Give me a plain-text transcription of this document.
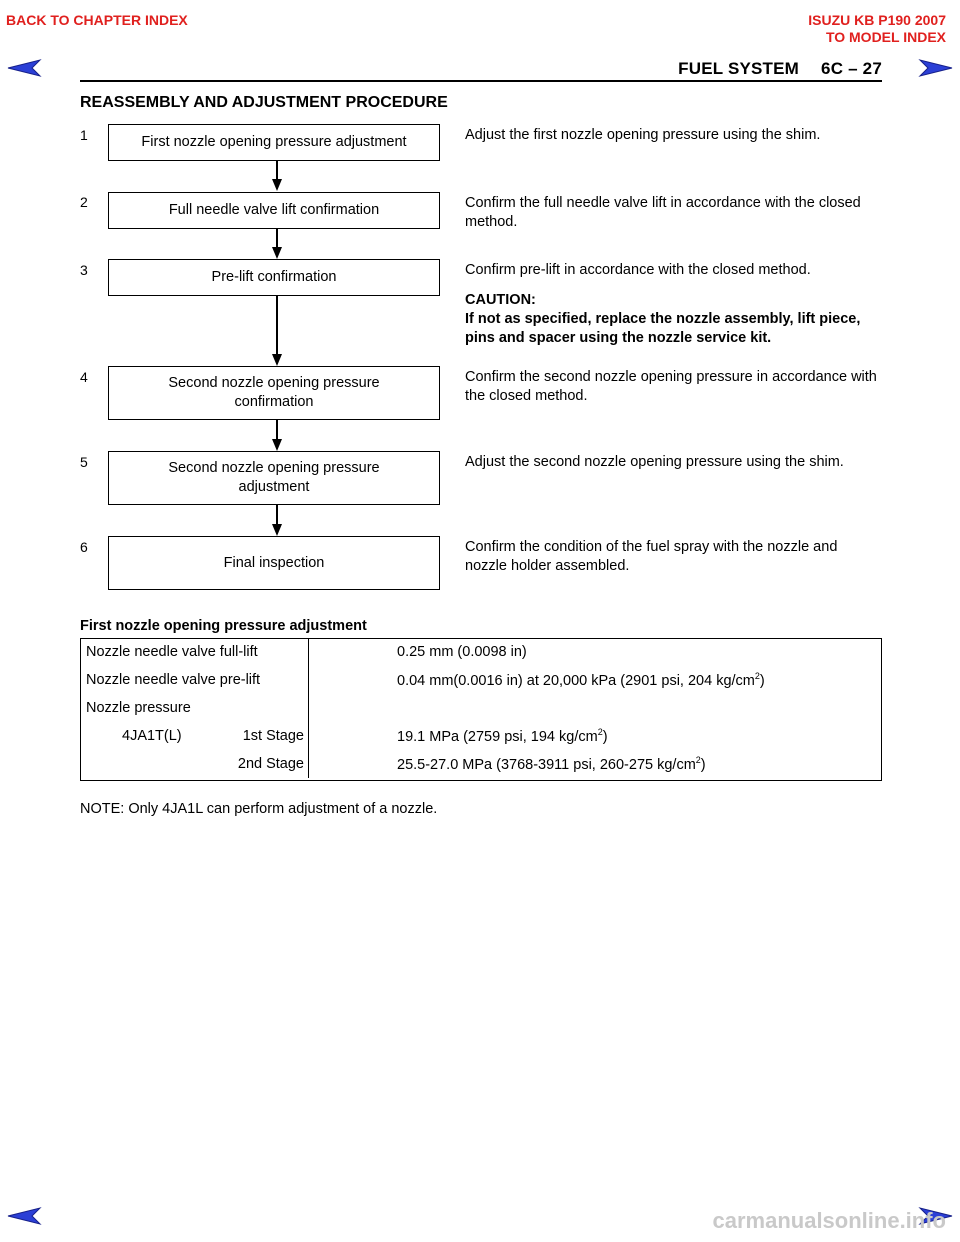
BACK TO CHAPTER INDEX	ISUZU KB P190 2007
TO MODEL INDEX
FUEL SYSTEM 6C – 27
REASSEMBLY AND ADJUSTMENT PROCEDURE
1
2
3
4
5
6
First nozzle opening pressure adjustment
Full needle valve lift confirmation
Pre-lift confirmation
Second nozzle opening pressure confirmation
Second nozzle opening pressure adjustment
Final inspection
Adjust the first nozzle opening pressure using the shim.
Confirm the full needle valve lift in accordance with the closed method.
Confirm pre-lift in accordance with the closed method.
CAUTION:
If not as specified, replace the nozzle assembly, lift piece, pins and spacer using the nozzle service kit.
Confirm the second nozzle opening pressure in accordance with the closed method.
Adjust the second nozzle opening pressure using the shim.
Confirm the condition of the fuel spray with the nozzle and nozzle holder assembled.
First nozzle opening pressure adjustment
Nozzle needle valve full-lift	0.25 mm (0.0098 in)
Nozzle needle valve pre-lift	0.04 mm(0.0016 in) at 20,000 kPa (2901 psi, 204 $kg/cm^2$)
Nozzle pressure	

4JA1T(L) 1st Stage	19.1 MPa (2759 psi, 194 $kg/cm^2$)

2nd Stage	25.5-27.0 MPa (3768-3911 psi, 260-275 $kg/cm^2$)
NOTE: Only 4JA1L can perform adjustment of a nozzle.
carmanualsonline.info
